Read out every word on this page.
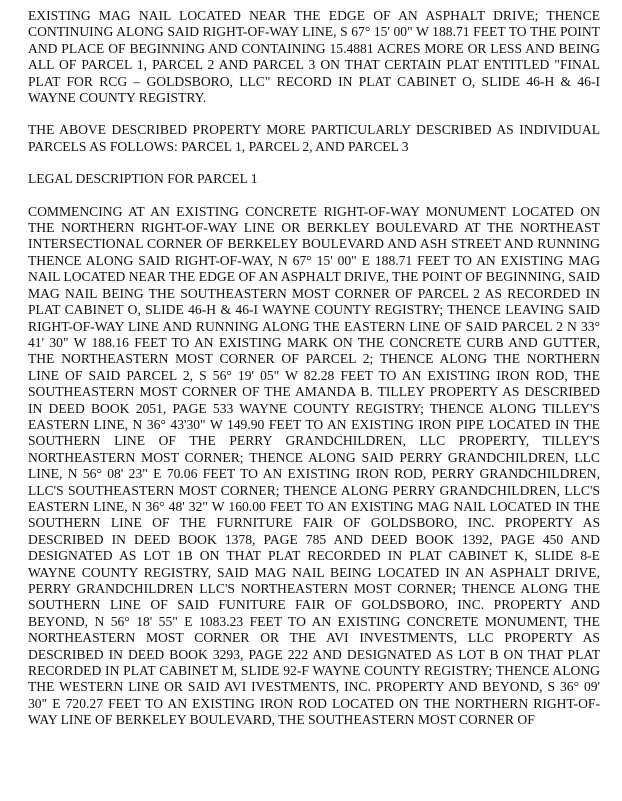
EXISTING MAG NAIL LOCATED NEAR THE EDGE OF AN ASPHALT DRIVE; THENCE CONTINUING ALONG SAID RIGHT-OF-WAY LINE, S 67° 15' 00" W 188.71 FEET TO THE POINT AND PLACE OF BEGINNING AND CONTAINING 15.4881 ACRES MORE OR LESS AND BEING ALL OF PARCEL 1, PARCEL 2 AND PARCEL 3 ON THAT CERTAIN PLAT ENTITLED "FINAL PLAT FOR RCG – GOLDSBORO, LLC" RECORD IN PLAT CABINET O, SLIDE 46-H & 46-I WAYNE COUNTY REGISTRY.

THE ABOVE DESCRIBED PROPERTY MORE PARTICULARLY DESCRIBED AS INDIVIDUAL PARCELS AS FOLLOWS: PARCEL 1, PARCEL 2, AND PARCEL 3

LEGAL DESCRIPTION FOR PARCEL 1

COMMENCING AT AN EXISTING CONCRETE RIGHT-OF-WAY MONUMENT LOCATED ON THE NORTHERN RIGHT-OF-WAY LINE OR BERKLEY BOULEVARD AT THE NORTHEAST INTERSECTIONAL CORNER OF BERKELEY BOULEVARD AND ASH STREET AND RUNNING THENCE ALONG SAID RIGHT-OF-WAY, N 67° 15' 00" E 188.71 FEET TO AN EXISTING MAG NAIL LOCATED NEAR THE EDGE OF AN ASPHALT DRIVE, THE POINT OF BEGINNING, SAID MAG NAIL BEING THE SOUTHEASTERN MOST CORNER OF PARCEL 2 AS RECORDED IN PLAT CABINET O, SLIDE 46-H & 46-I WAYNE COUNTY REGISTRY; THENCE LEAVING SAID RIGHT-OF-WAY LINE AND RUNNING ALONG THE EASTERN LINE OF SAID PARCEL 2 N 33° 41' 30" W 188.16 FEET TO AN EXISTING MARK ON THE CONCRETE CURB AND GUTTER, THE NORTHEASTERN MOST CORNER OF PARCEL 2; THENCE ALONG THE NORTHERN LINE OF SAID PARCEL 2, S 56° 19' 05" W 82.28 FEET TO AN EXISTING IRON ROD, THE SOUTHEASTERN MOST CORNER OF THE AMANDA B. TILLEY PROPERTY AS DESCRIBED IN DEED BOOK 2051, PAGE 533 WAYNE COUNTY REGISTRY; THENCE ALONG TILLEY'S EASTERN LINE, N 36° 43'30" W 149.90 FEET TO AN EXISTING IRON PIPE LOCATED IN THE SOUTHERN LINE OF THE PERRY GRANDCHILDREN, LLC PROPERTY, TILLEY'S NORTHEASTERN MOST CORNER; THENCE ALONG SAID PERRY GRANDCHILDREN, LLC LINE, N 56° 08' 23" E 70.06 FEET TO AN EXISTING IRON ROD, PERRY GRANDCHILDREN, LLC'S SOUTHEASTERN MOST CORNER; THENCE ALONG PERRY GRANDCHILDREN, LLC'S EASTERN LINE, N 36° 48' 32" W 160.00 FEET TO AN EXISTING MAG NAIL LOCATED IN THE SOUTHERN LINE OF THE FURNITURE FAIR OF GOLDSBORO, INC. PROPERTY AS DESCRIBED IN DEED BOOK 1378, PAGE 785 AND DEED BOOK 1392, PAGE 450 AND DESIGNATED AS LOT 1B ON THAT PLAT RECORDED IN PLAT CABINET K, SLIDE 8-E WAYNE COUNTY REGISTRY, SAID MAG NAIL BEING LOCATED IN AN ASPHALT DRIVE, PERRY GRANDCHILDREN LLC'S NORTHEASTERN MOST CORNER; THENCE ALONG THE SOUTHERN LINE OF SAID FUNITURE FAIR OF GOLDSBORO, INC. PROPERTY AND BEYOND, N 56° 18' 55" E 1083.23 FEET TO AN EXISTING CONCRETE MONUMENT, THE NORTHEASTERN MOST CORNER OR THE AVI INVESTMENTS, LLC PROPERTY AS DESCRIBED IN DEED BOOK 3293, PAGE 222 AND DESIGNATED AS LOT B ON THAT PLAT RECORDED IN PLAT CABINET M, SLIDE 92-F WAYNE COUNTY REGISTRY; THENCE ALONG THE WESTERN LINE OR SAID AVI IVESTMENTS, INC. PROPERTY AND BEYOND, S 36° 09' 30" E 720.27 FEET TO AN EXISTING IRON ROD LOCATED ON THE NORTHERN RIGHT-OF-WAY LINE OF BERKELEY BOULEVARD, THE SOUTHEASTERN MOST CORNER OF
